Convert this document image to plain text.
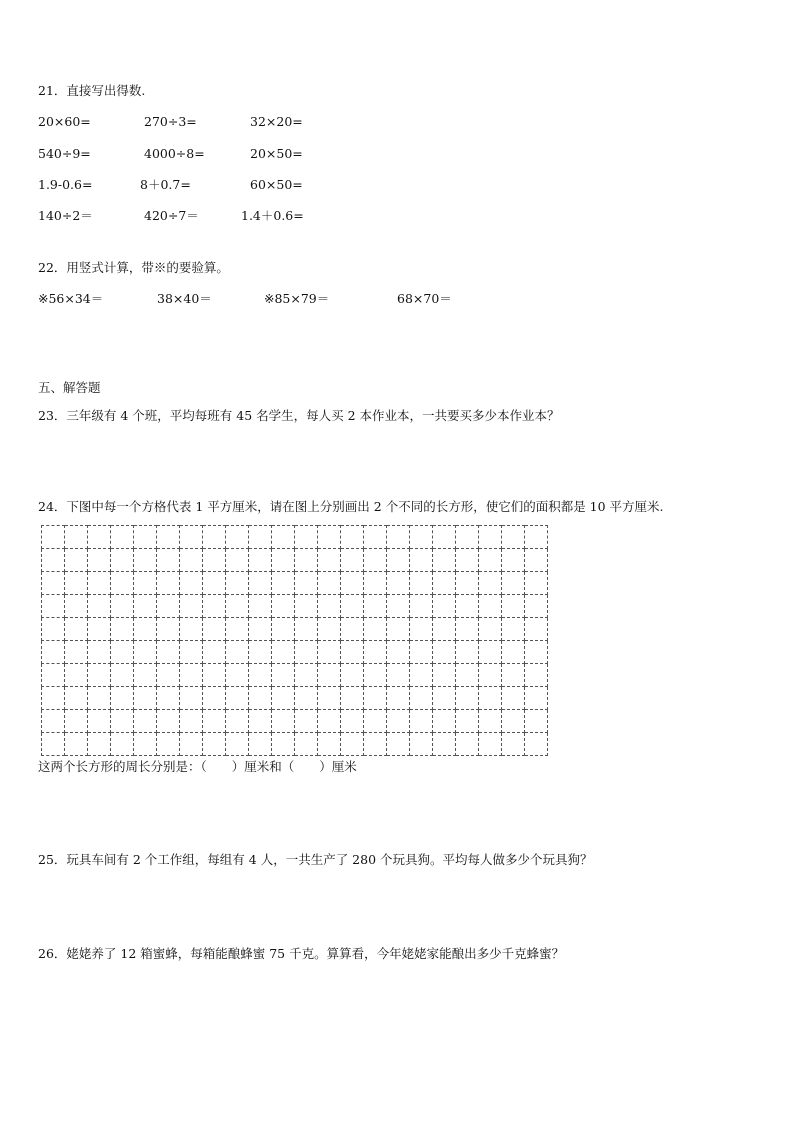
21．直接写出得数.
20×60=	270÷3=	32×20=
540÷9=	4000÷8=	20×50=
1.9-0.6=	8＋0.7=	60×50=
140÷2＝	420÷7＝	1.4＋0.6=
22．用竖式计算，带※的要验算。
※56×34＝	38×40＝	※85×79＝	68×70＝
五、解答题
23．三年级有 4 个班，平均每班有 45 名学生，每人买 2 本作业本，一共要买多少本作业本？
24．下图中每一个方格代表 1 平方厘米，请在图上分别画出 2 个不同的长方形，使它们的面积都是 10 平方厘米.

这两个长方形的周长分别是：（　　）厘米和（　　）厘米
25．玩具车间有 2 个工作组，每组有 4 人，一共生产了 280 个玩具狗。平均每人做多少个玩具狗？
26．姥姥养了 12 箱蜜蜂，每箱能酿蜂蜜 75 千克。算算看，今年姥姥家能酿出多少千克蜂蜜？
